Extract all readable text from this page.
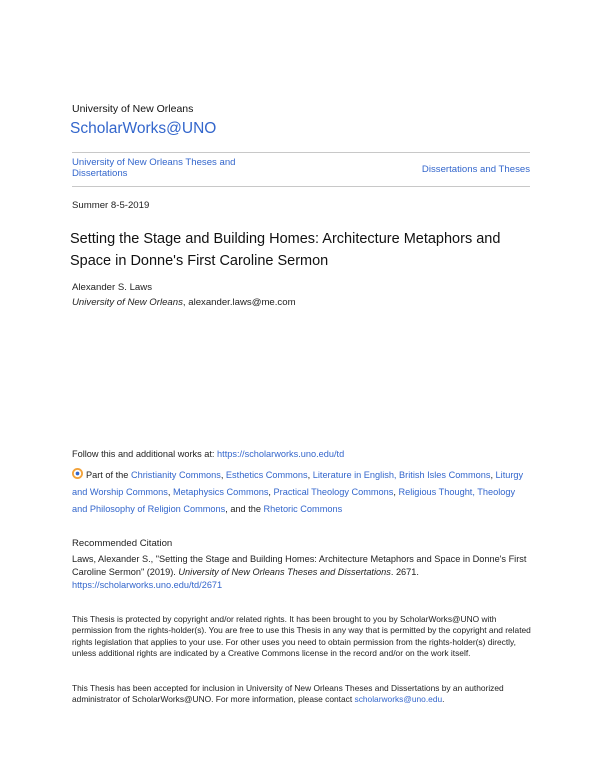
University of New Orleans
ScholarWorks@UNO
University of New Orleans Theses and Dissertations	Dissertations and Theses
Summer 8-5-2019
Setting the Stage and Building Homes: Architecture Metaphors and Space in Donne's First Caroline Sermon
Alexander S. Laws
University of New Orleans, alexander.laws@me.com
Follow this and additional works at: https://scholarworks.uno.edu/td
Part of the Christianity Commons, Esthetics Commons, Literature in English, British Isles Commons, Liturgy and Worship Commons, Metaphysics Commons, Practical Theology Commons, Religious Thought, Theology and Philosophy of Religion Commons, and the Rhetoric Commons
Recommended Citation
Laws, Alexander S., "Setting the Stage and Building Homes: Architecture Metaphors and Space in Donne's First Caroline Sermon" (2019). University of New Orleans Theses and Dissertations. 2671.
https://scholarworks.uno.edu/td/2671
This Thesis is protected by copyright and/or related rights. It has been brought to you by ScholarWorks@UNO with permission from the rights-holder(s). You are free to use this Thesis in any way that is permitted by the copyright and related rights legislation that applies to your use. For other uses you need to obtain permission from the rights-holder(s) directly, unless additional rights are indicated by a Creative Commons license in the record and/or on the work itself.
This Thesis has been accepted for inclusion in University of New Orleans Theses and Dissertations by an authorized administrator of ScholarWorks@UNO. For more information, please contact scholarworks@uno.edu.
